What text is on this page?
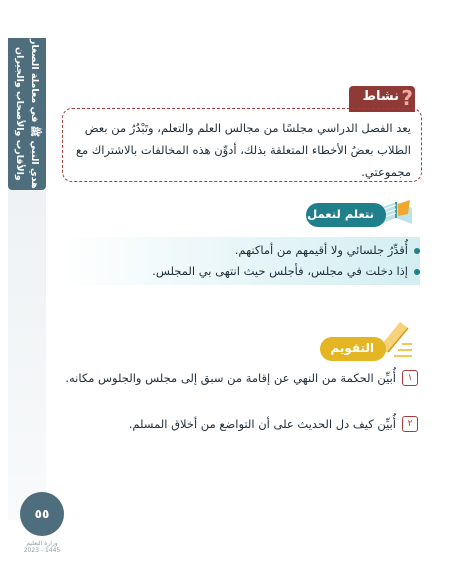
هدي النبي ﷺ في معاملة الصغار والأقارب والأصحاب والجيران	نشاط ?
يعد الفصل الدراسي مجلسًا من مجالس العلم والتعلم، وتَبْدُرُ من بعض الطلاب بعضُ الأخطاء المتعلقة بذلك، أدوِّن هذه المخالفات بالاشتراك مع مجموعتي.
نتعلم لنعمل
أُقدِّرُ جلسائي ولا أقيمهم من أماكنهم.
إذا دخلت في مجلس، فأجلس حيث انتهى بي المجلس.
التقويم
١
أُبيِّن الحكمة من النهي عن إقامة من سبق إلى مجلس والجلوس مكانه.
٢
أُبيِّن كيف دل الحديث على أن التواضع من أخلاق المسلم.
٥٥
وزارة التعليم
2023 - 1445
